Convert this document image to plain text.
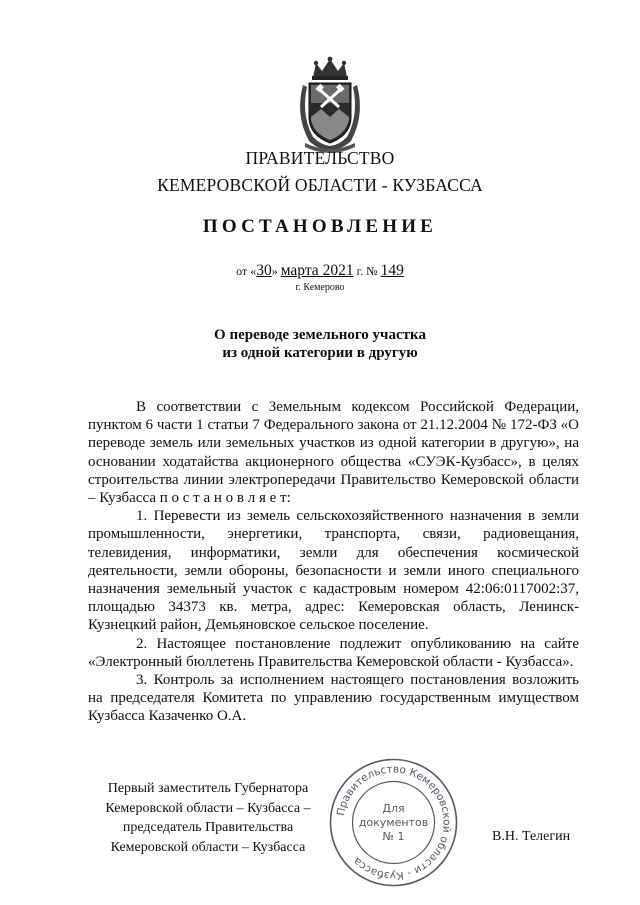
ПРАВИТЕЛЬСТВО
КЕМЕРОВСКОЙ ОБЛАСТИ - КУЗБАССА
ПОСТАНОВЛЕНИЕ
от «30» марта 2021 г. № 149
г. Кемерово
О переводе земельного участка
из одной категории в другую

В соответствии с Земельным кодексом Российской Федерации, пунктом 6 части 1 статьи 7 Федерального закона от 21.12.2004 № 172-ФЗ «О переводе земель или земельных участков из одной категории в другую», на основании ходатайства акционерного общества «СУЭК-Кузбасс», в целях строительства линии электропередачи Правительство Кемеровской области – Кузбасса п о с т а н о в л я е т:

1. Перевести из земель сельскохозяйственного назначения в земли промышленности, энергетики, транспорта, связи, радиовещания, телевидения, информатики, земли для обеспечения космической деятельности, земли обороны, безопасности и земли иного специального назначения земельный участок с кадастровым номером 42:06:0117002:37, площадью 34373 кв. метра, адрес: Кемеровская область, Ленинск-Кузнецкий район, Демьяновское сельское поселение.

2. Настоящее постановление подлежит опубликованию на сайте «Электронный бюллетень Правительства Кемеровской области - Кузбасса».

3. Контроль за исполнением настоящего постановления возложить на председателя Комитета по управлению государственным имуществом Кузбасса Казаченко О.А.

Первый заместитель Губернатора
Кемеровской области – Кузбасса –
председатель Правительства
Кемеровской области – Кузбасса
В.Н. Телегин
Правительство Кемеровской области - Кузбасса
Для
документов
№ 1
